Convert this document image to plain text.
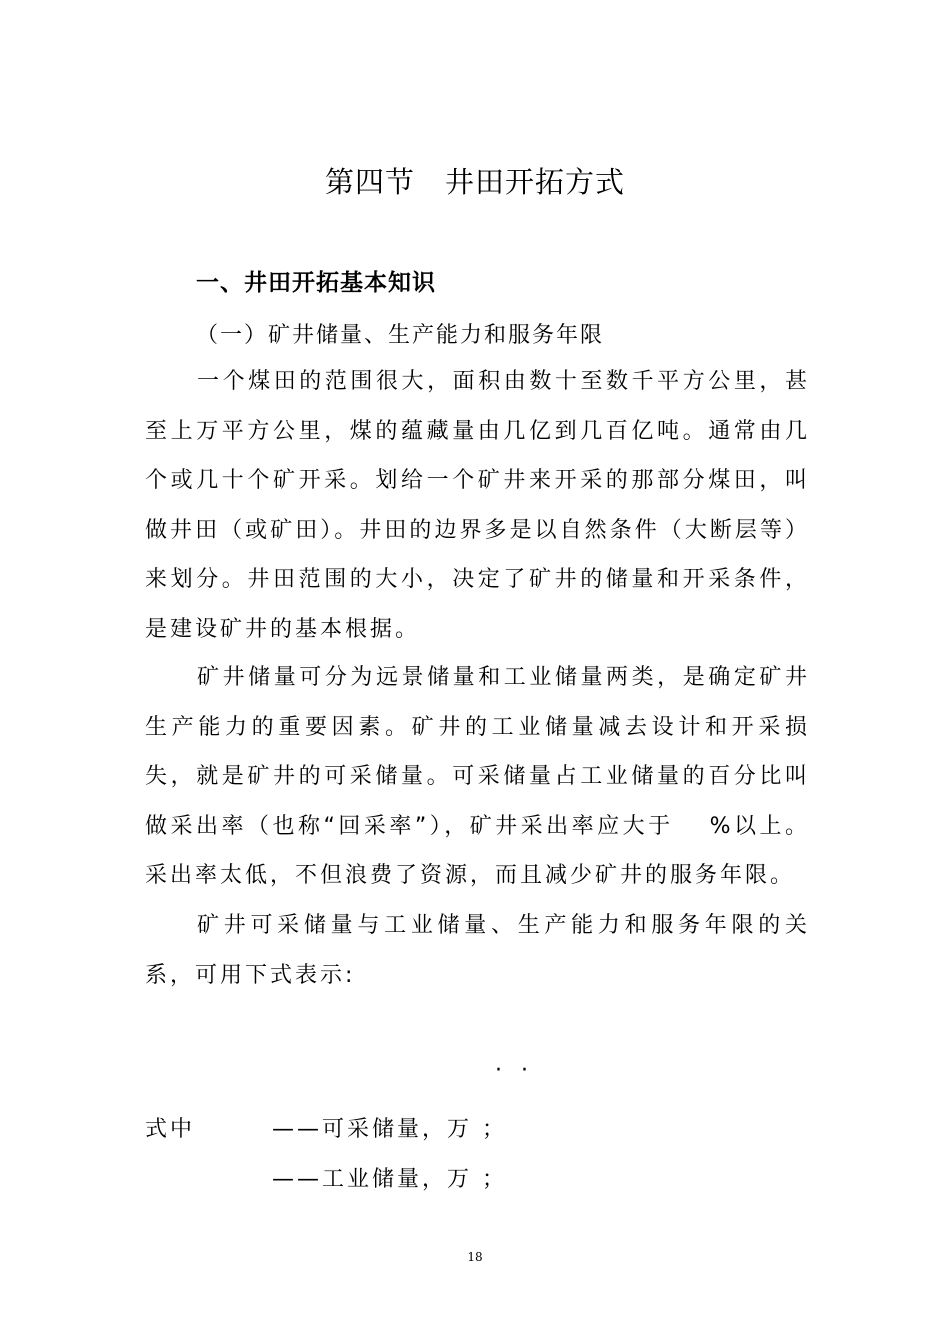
第四节　井田开拓方式
一、井田开拓基本知识
（一）矿井储量、生产能力和服务年限
一个煤田的范围很大，面积由数十至数千平方公里，甚至上万平方公里，煤的蕴藏量由几亿到几百亿吨。通常由几个或几十个矿开采。划给一个矿井来开采的那部分煤田，叫做井田（或矿田）。井田的边界多是以自然条件（大断层等）来划分。井田范围的大小，决定了矿井的储量和开采条件，是建设矿井的基本根据。
矿井储量可分为远景储量和工业储量两类，是确定矿井生产能力的重要因素。矿井的工业储量减去设计和开采损失，就是矿井的可采储量。可采储量占工业储量的百分比叫做采出率（也称“回采率”），矿井采出率应大于　 %以上。采出率太低，不但浪费了资源，而且减少矿井的服务年限。
矿井可采储量与工业储量、生产能力和服务年限的关系，可用下式表示:
· ·
式中	——可采储量，万 ；
——工业储量，万 ；
18
